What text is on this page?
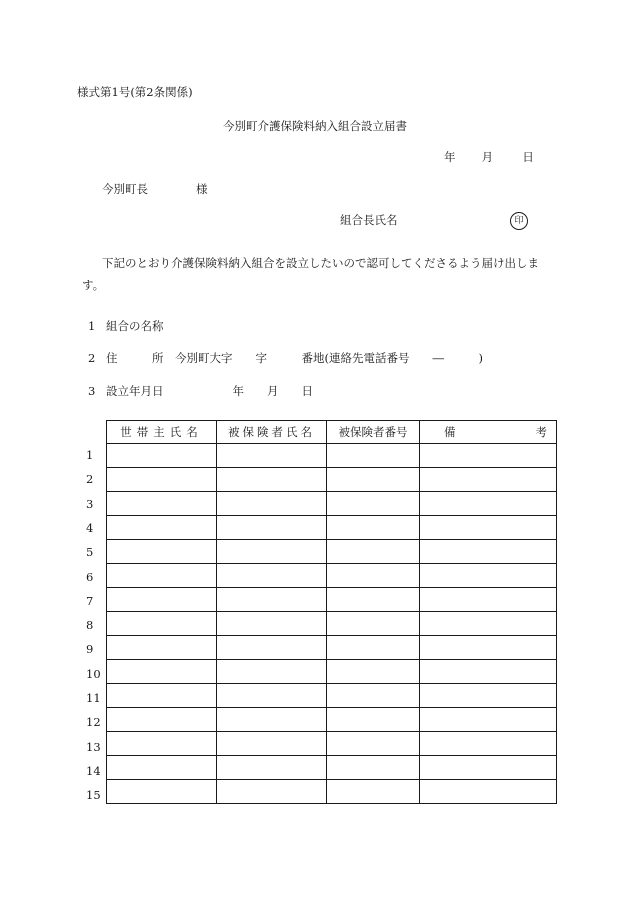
様式第1号(第2条関係)
今別町介護保険料納入組合設立届書
年 月	日
今別町長	様
組合長氏名	印
下記のとおり介護保険料納入組合を設立したいので認可してくださるよう届け出します。
1 組合の名称
2 住　　　所　今別町大字　　字　　　番地(連絡先電話番号　　―　　　)
3 設立年月日　　　　　　年　　月　　日
世帯主氏名	被保険者氏名	被保険者番号	備 考

1
2
3
4
5
6
7
8
9
10
11
12
13
14
15
